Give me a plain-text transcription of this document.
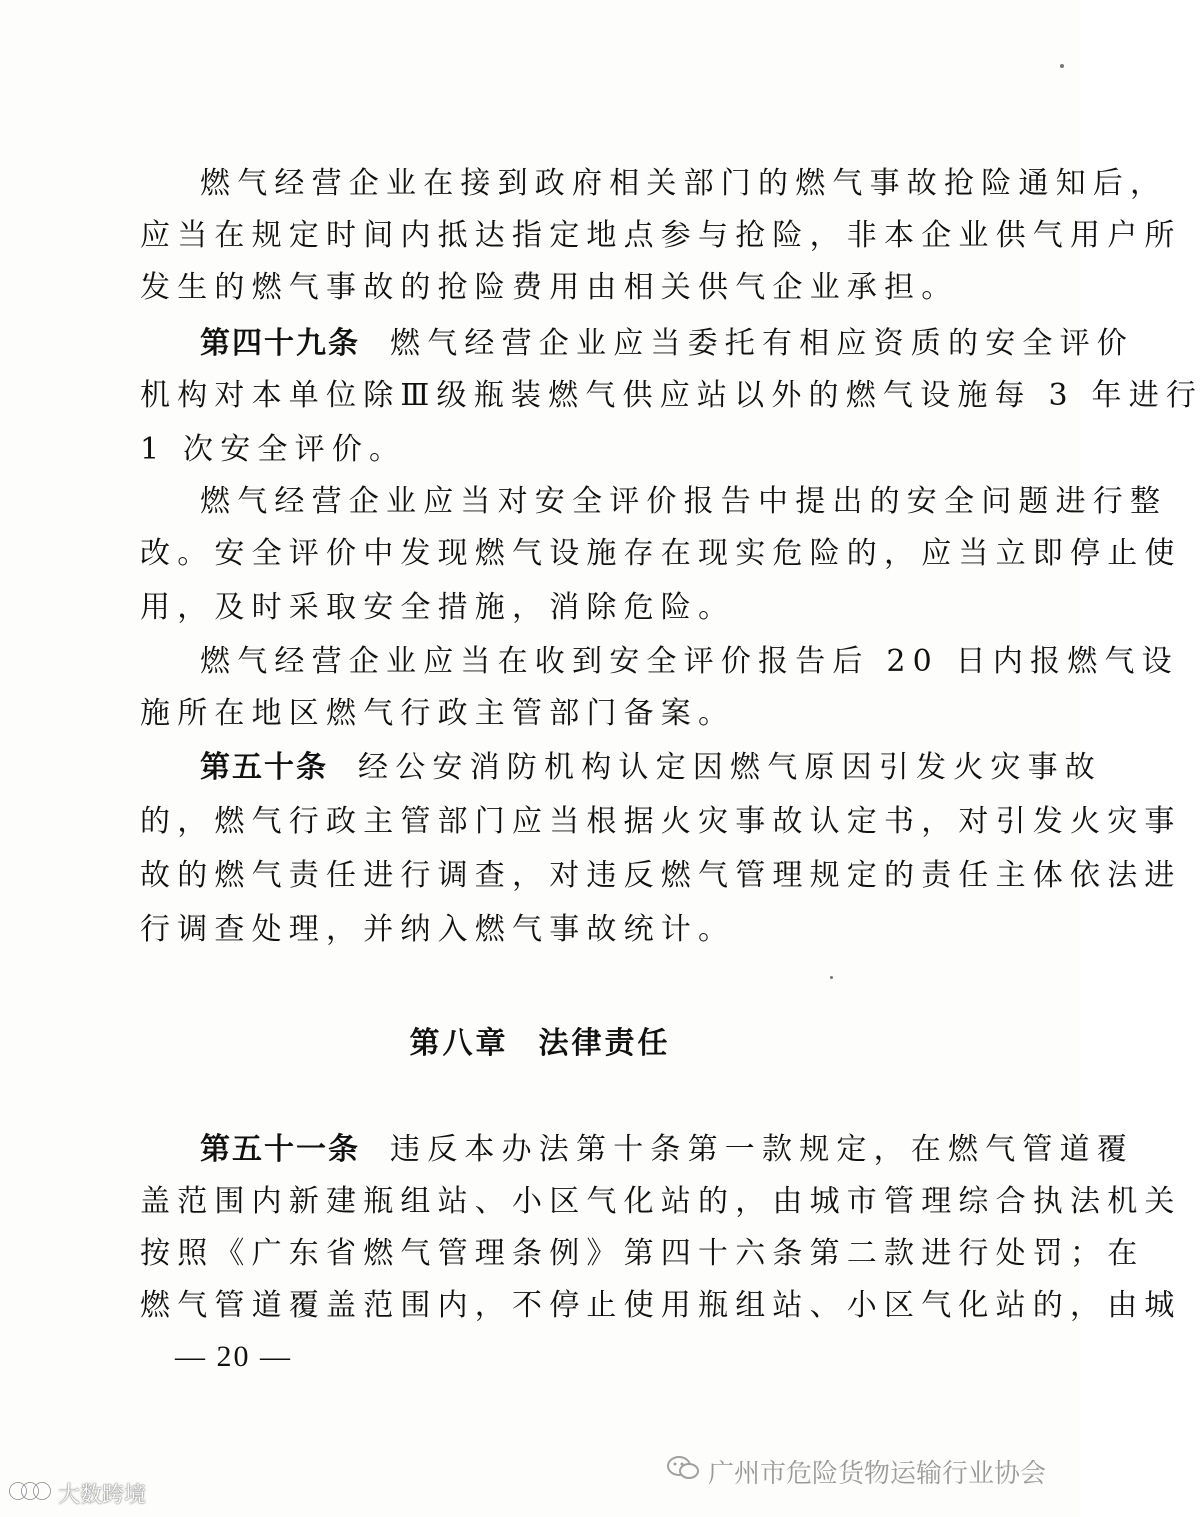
燃气经营企业在接到政府相关部门的燃气事故抢险通知后，
应当在规定时间内抵达指定地点参与抢险，非本企业供气用户所
发生的燃气事故的抢险费用由相关供气企业承担。
第四十九条 燃气经营企业应当委托有相应资质的安全评价
机构对本单位除Ⅲ级瓶装燃气供应站以外的燃气设施每 3 年进行
1 次安全评价。
燃气经营企业应当对安全评价报告中提出的安全问题进行整
改。安全评价中发现燃气设施存在现实危险的，应当立即停止使
用，及时采取安全措施，消除危险。
燃气经营企业应当在收到安全评价报告后 20 日内报燃气设
施所在地区燃气行政主管部门备案。
第五十条 经公安消防机构认定因燃气原因引发火灾事故
的，燃气行政主管部门应当根据火灾事故认定书，对引发火灾事
故的燃气责任进行调查，对违反燃气管理规定的责任主体依法进
行调查处理，并纳入燃气事故统计。
第八章 法律责任
第五十一条 违反本办法第十条第一款规定，在燃气管道覆
盖范围内新建瓶组站、小区气化站的，由城市管理综合执法机关
按照《广东省燃气管理条例》第四十六条第二款进行处罚；在
燃气管道覆盖范围内，不停止使用瓶组站、小区气化站的，由城
— 20 —
广州市危险货物运输行业协会
大数跨境
